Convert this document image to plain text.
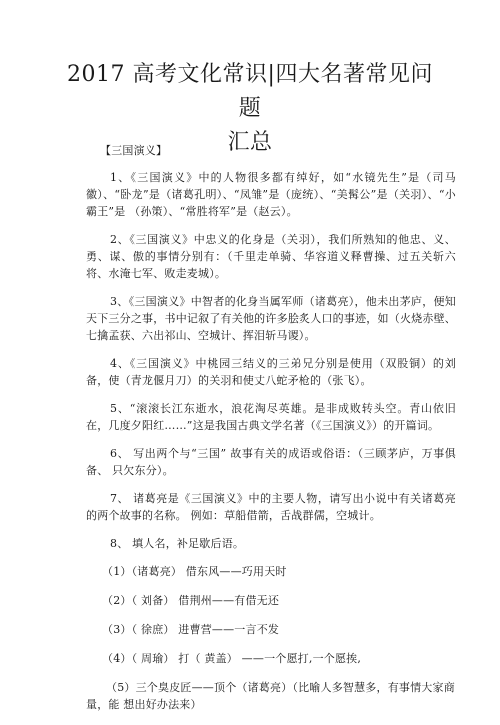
2017 高考文化常识|四大名著常见问题
汇总
【三国演义】

1、《三国演义》中的人物很多都有绰好，如“水镜先生”是（司马徽）、“卧龙”是（诸葛孔明）、“凤雏”是（庞统）、“美髯公”是（关羽）、“小霸王”是 （孙策）、“常胜将军”是（赵云）。

2、《三国演义》中忠义的化身是（关羽），我们所熟知的他忠、义、勇、谋、傲的事情分别有：（千里走单骑、华容道义释曹操、过五关斩六将、水淹七军、败走麦城）。

3、《三国演义》中智者的化身当属军师（诸葛亮），他未出茅庐，便知天下三分之事，书中记叙了有关他的许多脍炙人口的事迹，如（火烧赤壁、七擒孟获、六出祁山、空城计、挥泪斩马谡）。

4、《三国演义》中桃园三结义的三弟兄分别是使用（双股铜）的刘备，使（青龙偃月刀）的关羽和使丈八蛇矛枪的（张飞）。

5、“滚滚长江东逝水，浪花淘尽英雄。是非成败转头空。青山依旧在，几度夕阳红……”这是我国古典文学名著（《三国演义》）的开篇词。

6、 写出两个与“三国” 故事有关的成语或俗语：（三顾茅庐，万事俱备、 只欠东分）。

7、 诸葛亮是《三国演义》中的主要人物，请写出小说中有关诸葛亮的两个故事的名称。 例如：草船借箭，舌战群儒，空城计。

8、 填人名，补足歇后语。

（1）（诸葛亮） 借东风——巧用天时
（2）（ 刘备） 借荆州——有借无还
（3）（ 徐庶） 进曹营——一言不发
（4）（ 周瑜） 打（ 黄盖） ——一个愿打,一个愿挨,
（5）三个臭皮匠——顶个（诸葛亮）（比喻人多智慧多，有事情大家商量，能 想出好办法来）
